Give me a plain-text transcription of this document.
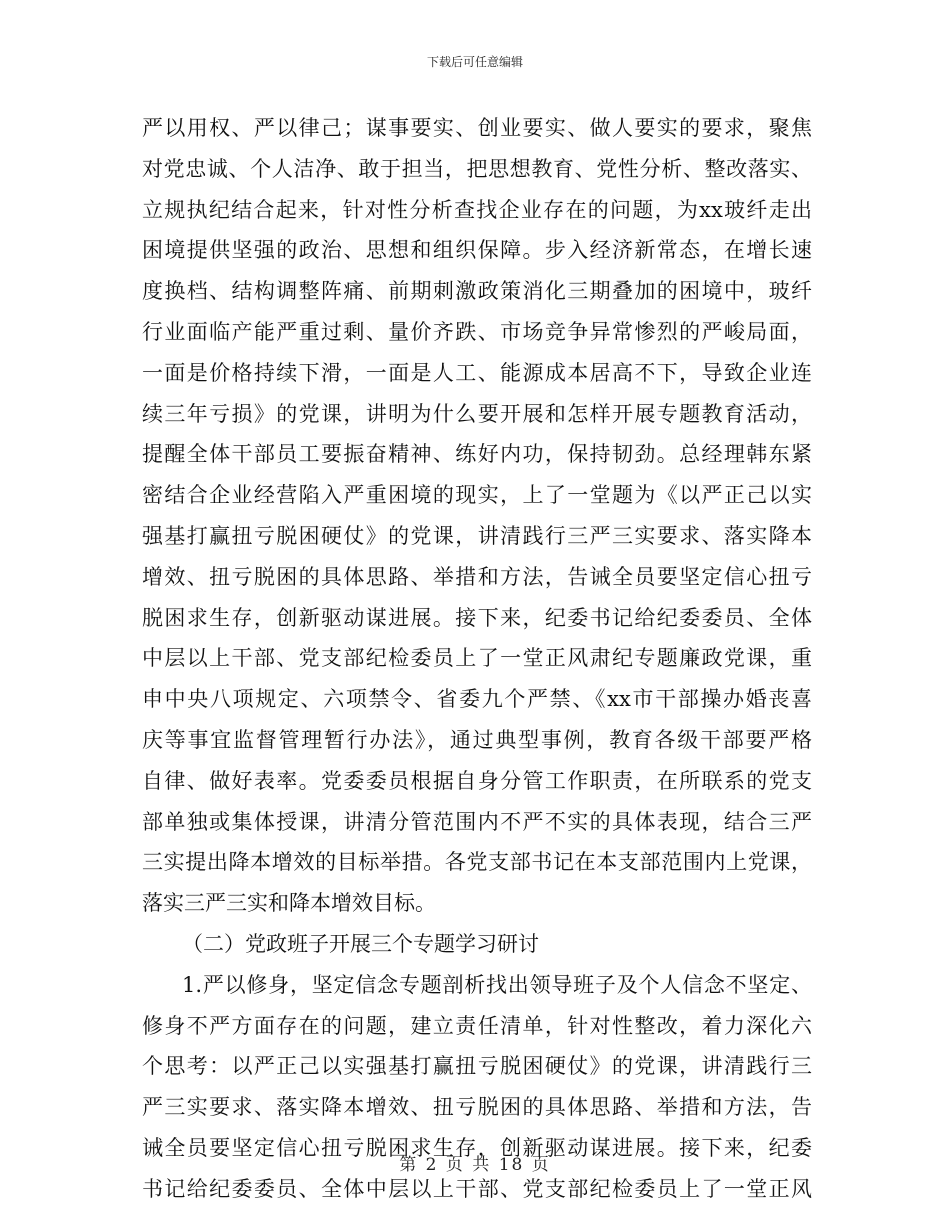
下载后可任意编辑
严以用权、严以律己；谋事要实、创业要实、做人要实的要求，聚焦
对党忠诚、个人洁净、敢于担当，把思想教育、党性分析、整改落实、
立规执纪结合起来，针对性分析查找企业存在的问题，为xx玻纤走出
困境提供坚强的政治、思想和组织保障。步入经济新常态，在增长速
度换档、结构调整阵痛、前期刺激政策消化三期叠加的困境中，玻纤
行业面临产能严重过剩、量价齐跌、市场竞争异常惨烈的严峻局面，
一面是价格持续下滑，一面是人工、能源成本居高不下，导致企业连
续三年亏损》的党课，讲明为什么要开展和怎样开展专题教育活动，
提醒全体干部员工要振奋精神、练好内功，保持韧劲。总经理韩东紧
密结合企业经营陷入严重困境的现实，上了一堂题为《以严正己以实
强基打赢扭亏脱困硬仗》的党课，讲清践行三严三实要求、落实降本
增效、扭亏脱困的具体思路、举措和方法，告诫全员要坚定信心扭亏
脱困求生存，创新驱动谋进展。接下来，纪委书记给纪委委员、全体
中层以上干部、党支部纪检委员上了一堂正风肃纪专题廉政党课，重
申中央八项规定、六项禁令、省委九个严禁、《xx市干部操办婚丧喜
庆等事宜监督管理暂行办法》，通过典型事例，教育各级干部要严格
自律、做好表率。党委委员根据自身分管工作职责，在所联系的党支
部单独或集体授课，讲清分管范围内不严不实的具体表现，结合三严
三实提出降本增效的目标举措。各党支部书记在本支部范围内上党课，
落实三严三实和降本增效目标。
（二）党政班子开展三个专题学习研讨
1.严以修身，坚定信念专题剖析找出领导班子及个人信念不坚定、
修身不严方面存在的问题，建立责任清单，针对性整改，着力深化六
个思考：以严正己以实强基打赢扭亏脱困硬仗》的党课，讲清践行三
严三实要求、落实降本增效、扭亏脱困的具体思路、举措和方法，告
诫全员要坚定信心扭亏脱困求生存，创新驱动谋进展。接下来，纪委
书记给纪委委员、全体中层以上干部、党支部纪检委员上了一堂正风
第 2 页 共 18 页
